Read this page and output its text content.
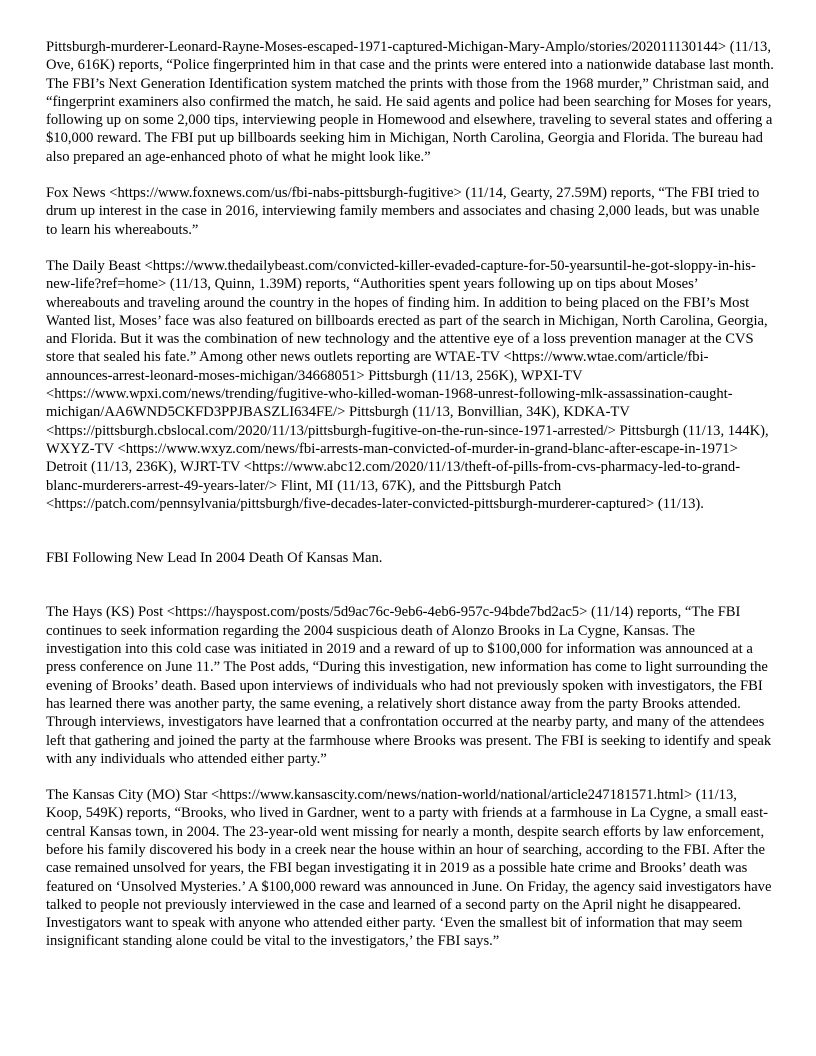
Pittsburgh-murderer-Leonard-Rayne-Moses-escaped-1971-captured-Michigan-Mary-Amplo/stories/202011130144> (11/13, Ove, 616K) reports, “Police fingerprinted him in that case and the prints were entered into a nationwide database last month. The FBI’s Next Generation Identification system matched the prints with those from the 1968 murder,” Christman said, and “fingerprint examiners also confirmed the match, he said. He said agents and police had been searching for Moses for years, following up on some 2,000 tips, interviewing people in Homewood and elsewhere, traveling to several states and offering a $10,000 reward. The FBI put up billboards seeking him in Michigan, North Carolina, Georgia and Florida. The bureau had also prepared an age-enhanced photo of what he might look like.”

Fox News <https://www.foxnews.com/us/fbi-nabs-pittsburgh-fugitive> (11/14, Gearty, 27.59M) reports, “The FBI tried to drum up interest in the case in 2016, interviewing family members and associates and chasing 2,000 leads, but was unable to learn his whereabouts.”

The Daily Beast <https://www.thedailybeast.com/convicted-killer-evaded-capture-for-50-yearsuntil-he-got-sloppy-in-his-new-life?ref=home> (11/13, Quinn, 1.39M) reports, “Authorities spent years following up on tips about Moses’ whereabouts and traveling around the country in the hopes of finding him. In addition to being placed on the FBI’s Most Wanted list, Moses’ face was also featured on billboards erected as part of the search in Michigan, North Carolina, Georgia, and Florida. But it was the combination of new technology and the attentive eye of a loss prevention manager at the CVS store that sealed his fate.” Among other news outlets reporting are WTAE-TV <https://www.wtae.com/article/fbi-announces-arrest-leonard-moses-michigan/34668051> Pittsburgh (11/13, 256K), WPXI-TV <https://www.wpxi.com/news/trending/fugitive-who-killed-woman-1968-unrest-following-mlk-assassination-caught-michigan/AA6WND5CKFD3PPJBASZLI634FE/> Pittsburgh (11/13, Bonvillian, 34K), KDKA-TV <https://pittsburgh.cbslocal.com/2020/11/13/pittsburgh-fugitive-on-the-run-since-1971-arrested/> Pittsburgh (11/13, 144K), WXYZ-TV <https://www.wxyz.com/news/fbi-arrests-man-convicted-of-murder-in-grand-blanc-after-escape-in-1971> Detroit (11/13, 236K), WJRT-TV <https://www.abc12.com/2020/11/13/theft-of-pills-from-cvs-pharmacy-led-to-grand-blanc-murderers-arrest-49-years-later/> Flint, MI (11/13, 67K), and the Pittsburgh Patch <https://patch.com/pennsylvania/pittsburgh/five-decades-later-convicted-pittsburgh-murderer-captured> (11/13).

FBI Following New Lead In 2004 Death Of Kansas Man.

The Hays (KS) Post <https://hayspost.com/posts/5d9ac76c-9eb6-4eb6-957c-94bde7bd2ac5> (11/14) reports, “The FBI continues to seek information regarding the 2004 suspicious death of Alonzo Brooks in La Cygne, Kansas. The investigation into this cold case was initiated in 2019 and a reward of up to $100,000 for information was announced at a press conference on June 11.” The Post adds, “During this investigation, new information has come to light surrounding the evening of Brooks’ death. Based upon interviews of individuals who had not previously spoken with investigators, the FBI has learned there was another party, the same evening, a relatively short distance away from the party Brooks attended. Through interviews, investigators have learned that a confrontation occurred at the nearby party, and many of the attendees left that gathering and joined the party at the farmhouse where Brooks was present. The FBI is seeking to identify and speak with any individuals who attended either party.”

The Kansas City (MO) Star <https://www.kansascity.com/news/nation-world/national/article247181571.html> (11/13, Koop, 549K) reports, “Brooks, who lived in Gardner, went to a party with friends at a farmhouse in La Cygne, a small east-central Kansas town, in 2004. The 23-year-old went missing for nearly a month, despite search efforts by law enforcement, before his family discovered his body in a creek near the house within an hour of searching, according to the FBI. After the case remained unsolved for years, the FBI began investigating it in 2019 as a possible hate crime and Brooks’ death was featured on ‘Unsolved Mysteries.’ A $100,000 reward was announced in June. On Friday, the agency said investigators have talked to people not previously interviewed in the case and learned of a second party on the April night he disappeared. Investigators want to speak with anyone who attended either party. ‘Even the smallest bit of information that may seem insignificant standing alone could be vital to the investigators,’ the FBI says.”
